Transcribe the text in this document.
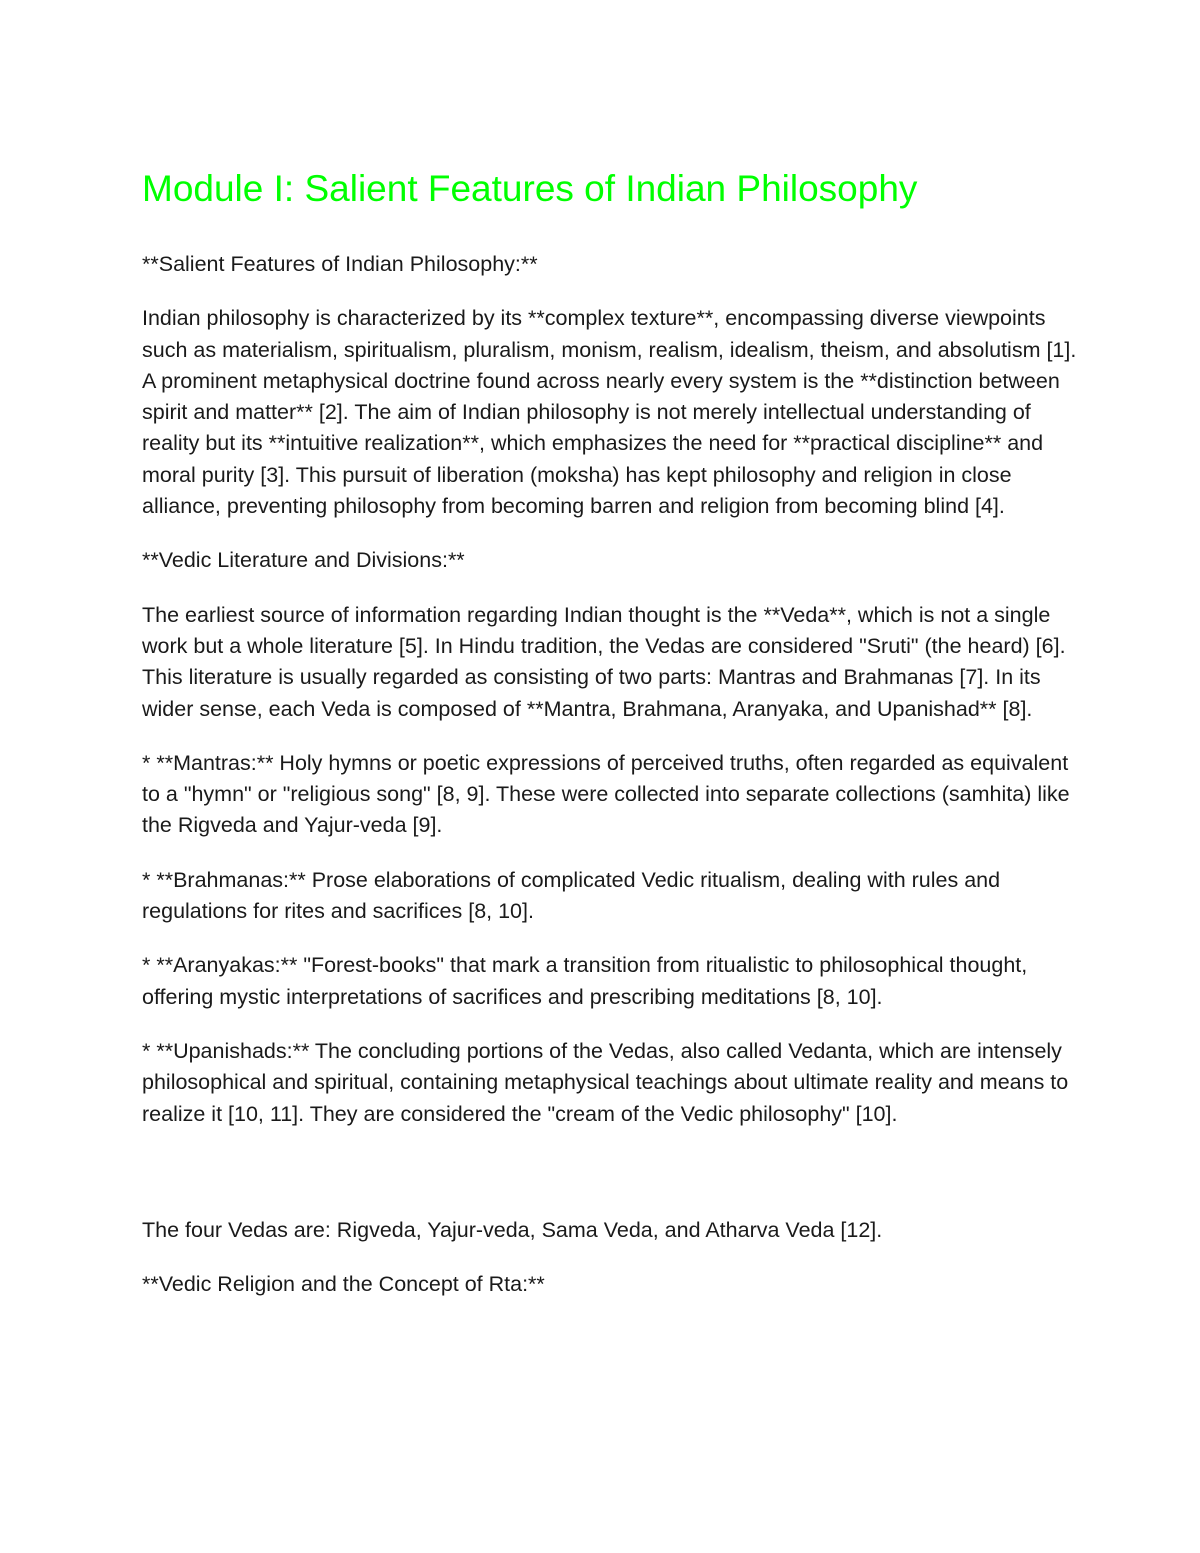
Module I: Salient Features of Indian Philosophy

**Salient Features of Indian Philosophy:**

Indian philosophy is characterized by its **complex texture**, encompassing diverse viewpoints such as materialism, spiritualism, pluralism, monism, realism, idealism, theism, and absolutism [1]. A prominent metaphysical doctrine found across nearly every system is the **distinction between spirit and matter** [2]. The aim of Indian philosophy is not merely intellectual understanding of reality but its **intuitive realization**, which emphasizes the need for **practical discipline** and moral purity [3]. This pursuit of liberation (moksha) has kept philosophy and religion in close alliance, preventing philosophy from becoming barren and religion from becoming blind [4].

**Vedic Literature and Divisions:**

The earliest source of information regarding Indian thought is the **Veda**, which is not a single work but a whole literature [5]. In Hindu tradition, the Vedas are considered "Sruti" (the heard) [6]. This literature is usually regarded as consisting of two parts: Mantras and Brahmanas [7]. In its wider sense, each Veda is composed of **Mantra, Brahmana, Aranyaka, and Upanishad** [8].

* **Mantras:** Holy hymns or poetic expressions of perceived truths, often regarded as equivalent to a "hymn" or "religious song" [8, 9]. These were collected into separate collections (samhita) like the Rigveda and Yajur-veda [9].

* **Brahmanas:** Prose elaborations of complicated Vedic ritualism, dealing with rules and regulations for rites and sacrifices [8, 10].

* **Aranyakas:** "Forest-books" that mark a transition from ritualistic to philosophical thought, offering mystic interpretations of sacrifices and prescribing meditations [8, 10].

* **Upanishads:** The concluding portions of the Vedas, also called Vedanta, which are intensely philosophical and spiritual, containing metaphysical teachings about ultimate reality and means to realize it [10, 11]. They are considered the "cream of the Vedic philosophy" [10].

The four Vedas are: Rigveda, Yajur-veda, Sama Veda, and Atharva Veda [12].

**Vedic Religion and the Concept of Rta:**
